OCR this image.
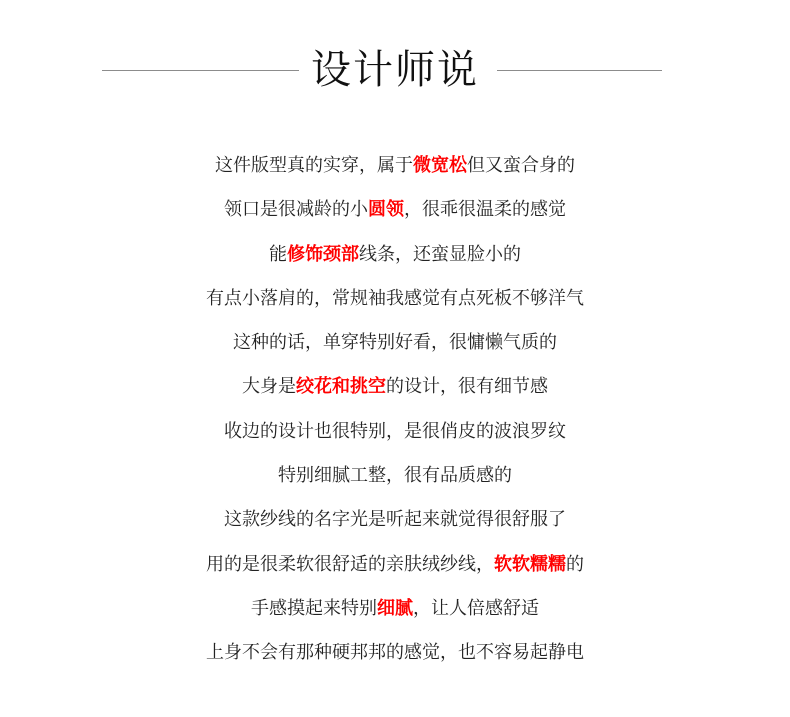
设计师说
这件版型真的实穿，属于微宽松但又蛮合身的
领口是很减龄的小圆领，很乖很温柔的感觉
能修饰颈部线条，还蛮显脸小的
有点小落肩的，常规袖我感觉有点死板不够洋气
这种的话，单穿特别好看，很慵懒气质的
大身是绞花和挑空的设计，很有细节感
收边的设计也很特别，是很俏皮的波浪罗纹
特别细腻工整，很有品质感的
这款纱线的名字光是听起来就觉得很舒服了
用的是很柔软很舒适的亲肤绒纱线，软软糯糯的
手感摸起来特别细腻，让人倍感舒适
上身不会有那种硬邦邦的感觉，也不容易起静电
